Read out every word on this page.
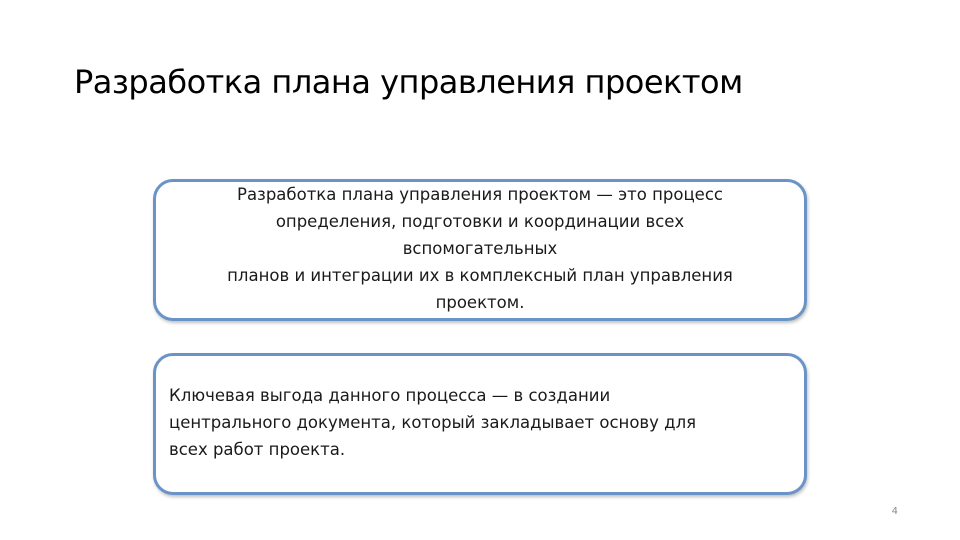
Разработка плана управления проектом

Разработка плана управления проектом — это процесс
определения, подготовки и координации всех
вспомогательных
планов и интеграции их в комплексный план управления
проектом.

Ключевая выгода данного процесса — в создании
центрального документа, который закладывает основу для
всех работ проекта.

4
